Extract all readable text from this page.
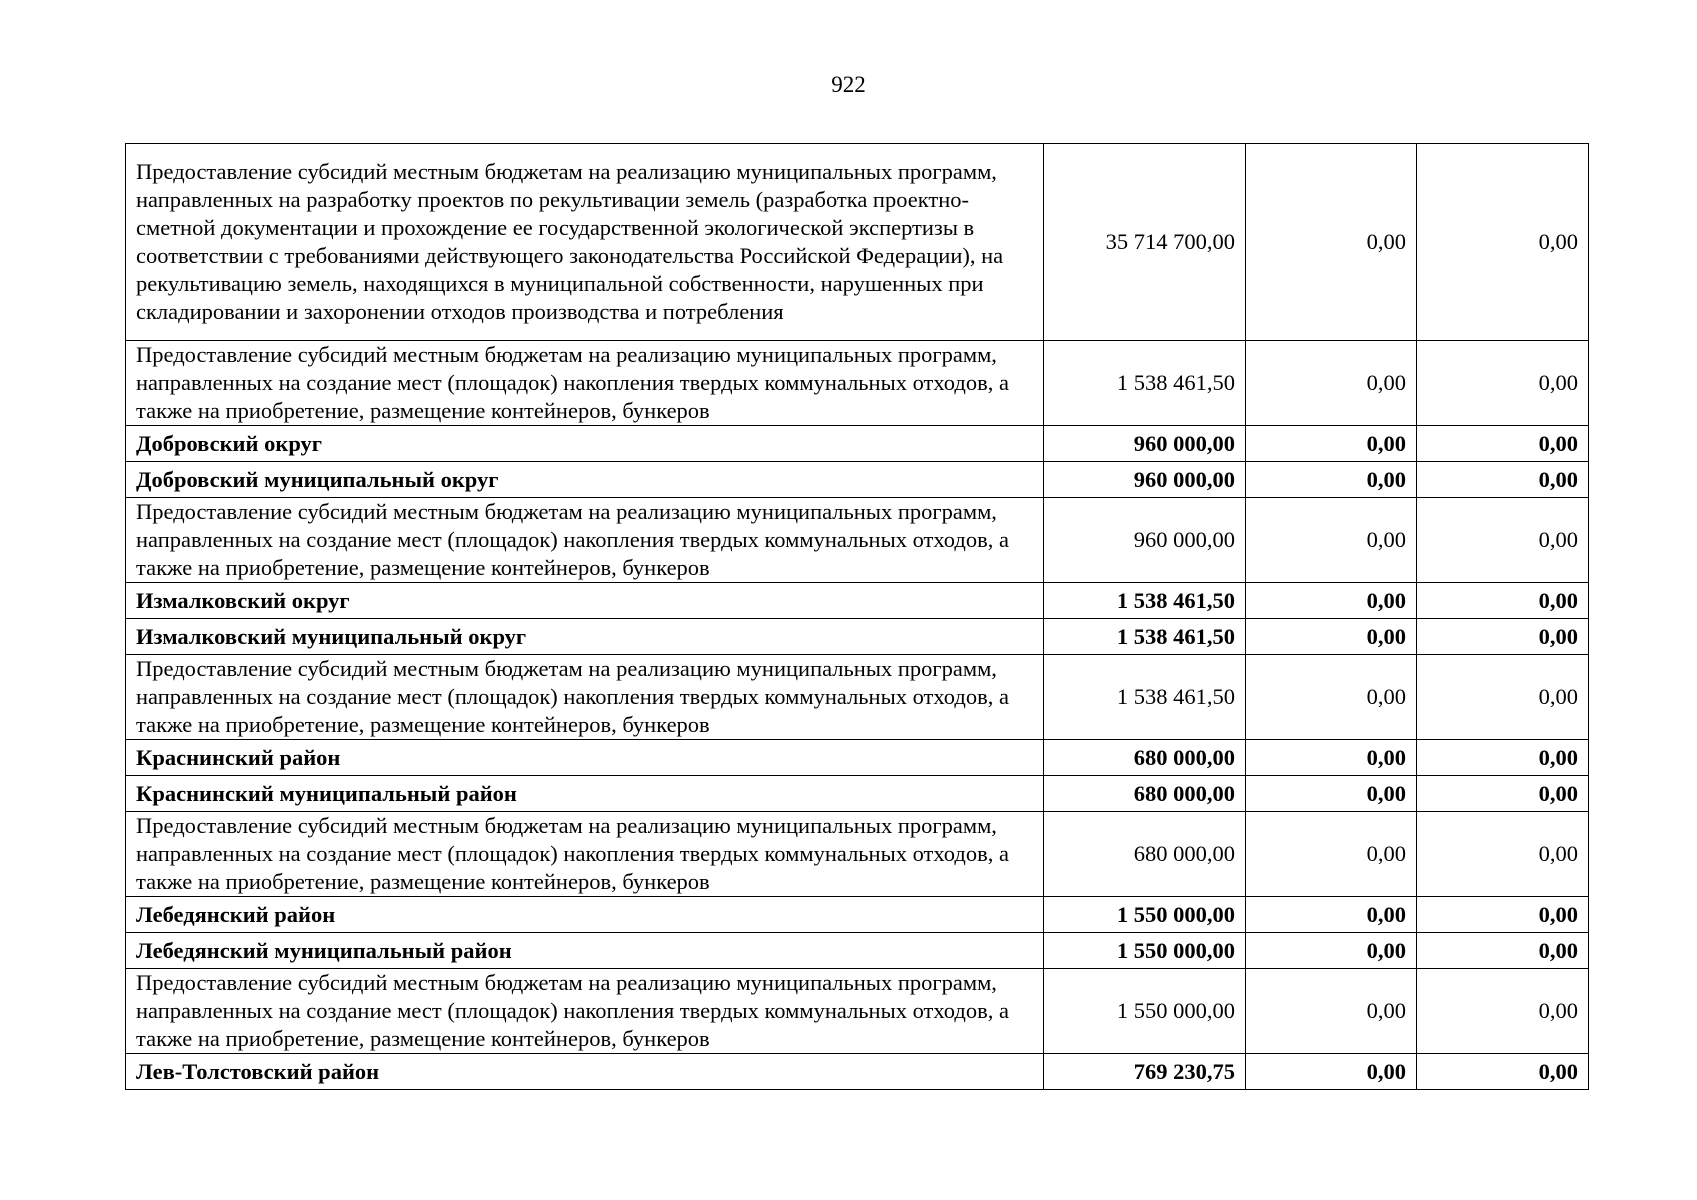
922
Предоставление субсидий местным бюджетам на реализацию муниципальных программ, направленных на разработку проектов по рекультивации земель (разработка проектно-сметной документации и прохождение ее государственной экологической экспертизы в соответствии с требованиями действующего законодательства Российской Федерации), на рекультивацию земель, находящихся в муниципальной собственности, нарушенных при складировании и захоронении отходов производства и потребления	35 714 700,00	0,00	0,00
Предоставление субсидий местным бюджетам на реализацию муниципальных программ, направленных на создание мест (площадок) накопления твердых коммунальных отходов, а также на приобретение, размещение контейнеров, бункеров	1 538 461,50	0,00	0,00
Добровский округ	960 000,00	0,00	0,00
Добровский муниципальный округ	960 000,00	0,00	0,00
Предоставление субсидий местным бюджетам на реализацию муниципальных программ, направленных на создание мест (площадок) накопления твердых коммунальных отходов, а также на приобретение, размещение контейнеров, бункеров	960 000,00	0,00	0,00
Измалковский округ	1 538 461,50	0,00	0,00
Измалковский муниципальный округ	1 538 461,50	0,00	0,00
Предоставление субсидий местным бюджетам на реализацию муниципальных программ, направленных на создание мест (площадок) накопления твердых коммунальных отходов, а также на приобретение, размещение контейнеров, бункеров	1 538 461,50	0,00	0,00
Краснинский район	680 000,00	0,00	0,00
Краснинский муниципальный район	680 000,00	0,00	0,00
Предоставление субсидий местным бюджетам на реализацию муниципальных программ, направленных на создание мест (площадок) накопления твердых коммунальных отходов, а также на приобретение, размещение контейнеров, бункеров	680 000,00	0,00	0,00
Лебедянский район	1 550 000,00	0,00	0,00
Лебедянский муниципальный район	1 550 000,00	0,00	0,00
Предоставление субсидий местным бюджетам на реализацию муниципальных программ, направленных на создание мест (площадок) накопления твердых коммунальных отходов, а также на приобретение, размещение контейнеров, бункеров	1 550 000,00	0,00	0,00
Лев-Толстовский район	769 230,75	0,00	0,00
